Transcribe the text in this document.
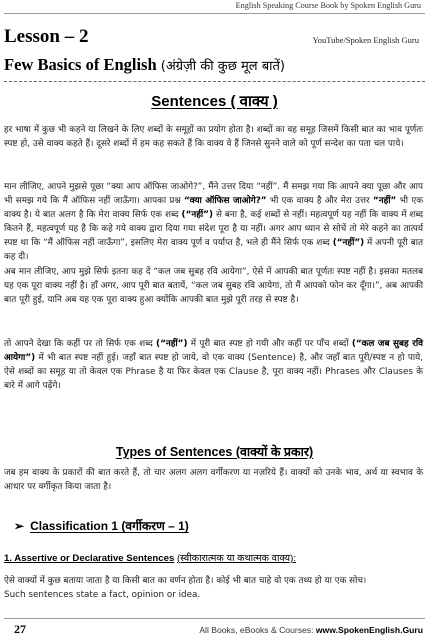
English Speaking Course Book by Spoken English Guru
Lesson – 2	YouTube/Spoken English Guru
Few Basics of English (अंग्रेज़ी की कुछ मूल बातें)
Sentences ( वाक्य )
हर भाषा में कुछ भी कहने या लिखने के लिए शब्दों के समूहों का प्रयोग होता है। शब्दों का वह समूह जिसमें किसी बात का भाव पूर्णतः स्पष्ट हो, उसे वाक्य कहते हैं। दूसरे शब्दों में हम कह सकते हैं कि वाक्य वे हैं जिनसे सुनने वाले को पूर्ण सन्देश का पता चल पाये।
मान लीजिए, आपने मुझसे पूछा “क्या आप ऑफिस जाओगे?”, मैंने उत्तर दिया “नहीं”. मैं समझ गया कि आपने क्या पूछा और आप भी समझ गये कि मैं ऑफिस नहीं जाऊँगा। आपका प्रश्न “क्या ऑफिस जाओगे?” भी एक वाक्य है और मेरा उत्तर “नहीं” भी एक वाक्य है। ये बात अलग है कि मेरा वाक्य सिर्फ एक शब्द (“नहीं”) से बना है, कई शब्दों से नहीं। महत्वपूर्ण यह नहीं कि वाक्य में शब्द कितने हैं, महत्वपूर्ण यह है कि कहे गये वाक्य द्वारा दिया गया संदेश पूरा है या नहीं। अगर आप ध्यान से सोचें तो मेरे कहने का तात्पर्य स्पष्ट था कि “मैं ऑफिस नहीं जाऊँगा”, इसलिए मेरा वाक्य पूर्ण व पर्याप्त है, भले ही मैंने सिर्फ एक शब्द (“नहीं”) में अपनी पूरी बात कह दी।
अब मान लीजिए, आप मुझे सिर्फ इतना कह दें “कल जब सुबह रवि आयेगा”, ऐसे में आपकी बात पूर्णतः स्पष्ट नहीं है। इसका मतलब यह एक पूरा वाक्य नहीं है। हाँ अगर, आप पूरी बात बतायें, “कल जब सुबह रवि आयेगा, तो मैं आपको फोन कर दूँगा।”, अब आपकी बात पूरी हुई, यानि अब यह एक पूरा वाक्य हुआ क्योंकि आपकी बात मुझे पूरी तरह से स्पष्ट है।
तो आपने देखा कि कहीं पर तो सिर्फ एक शब्द (“नहीं”) में पूरी बात स्पष्ट हो गयी और कहीं पर पाँच शब्दों (“कल जब सुबह रवि आयेगा”) में भी बात स्पष्ट नहीं हुई। जहाँ बात स्पष्ट हो जाये, वो एक वाक्य (Sentence) है, और जहाँ बात पूरी/स्पष्ट न हो पाये, ऐसे शब्दों का समूह या तो केवल एक Phrase है या फिर केवल एक Clause है, पूरा वाक्य नहीं। Phrases और Clauses के बारे में आगे पढ़ेंगे।
Types of Sentences (वाक्यों के प्रकार)
जब हम वाक्य के प्रकारों की बात करते हैं, तो चार अलग अलग वर्गीकरण या नज़रिये हैं। वाक्यों को उनके भाव, अर्थ या स्वभाव के आधार पर वर्गीकृत किया जाता है।
➢ Classification 1 (वर्गीकरण – 1)
1. Assertive or Declarative Sentences (स्वीकारात्मक या कथात्मक वाक्य):
ऐसे वाक्यों में कुछ बताया जाता है या किसी बात का वर्णन होता है। कोई भी बात चाहे वो एक तथ्य हो या एक सोच।
Such sentences state a fact, opinion or idea.
27	All Books, eBooks & Courses: www.SpokenEnglish.Guru
